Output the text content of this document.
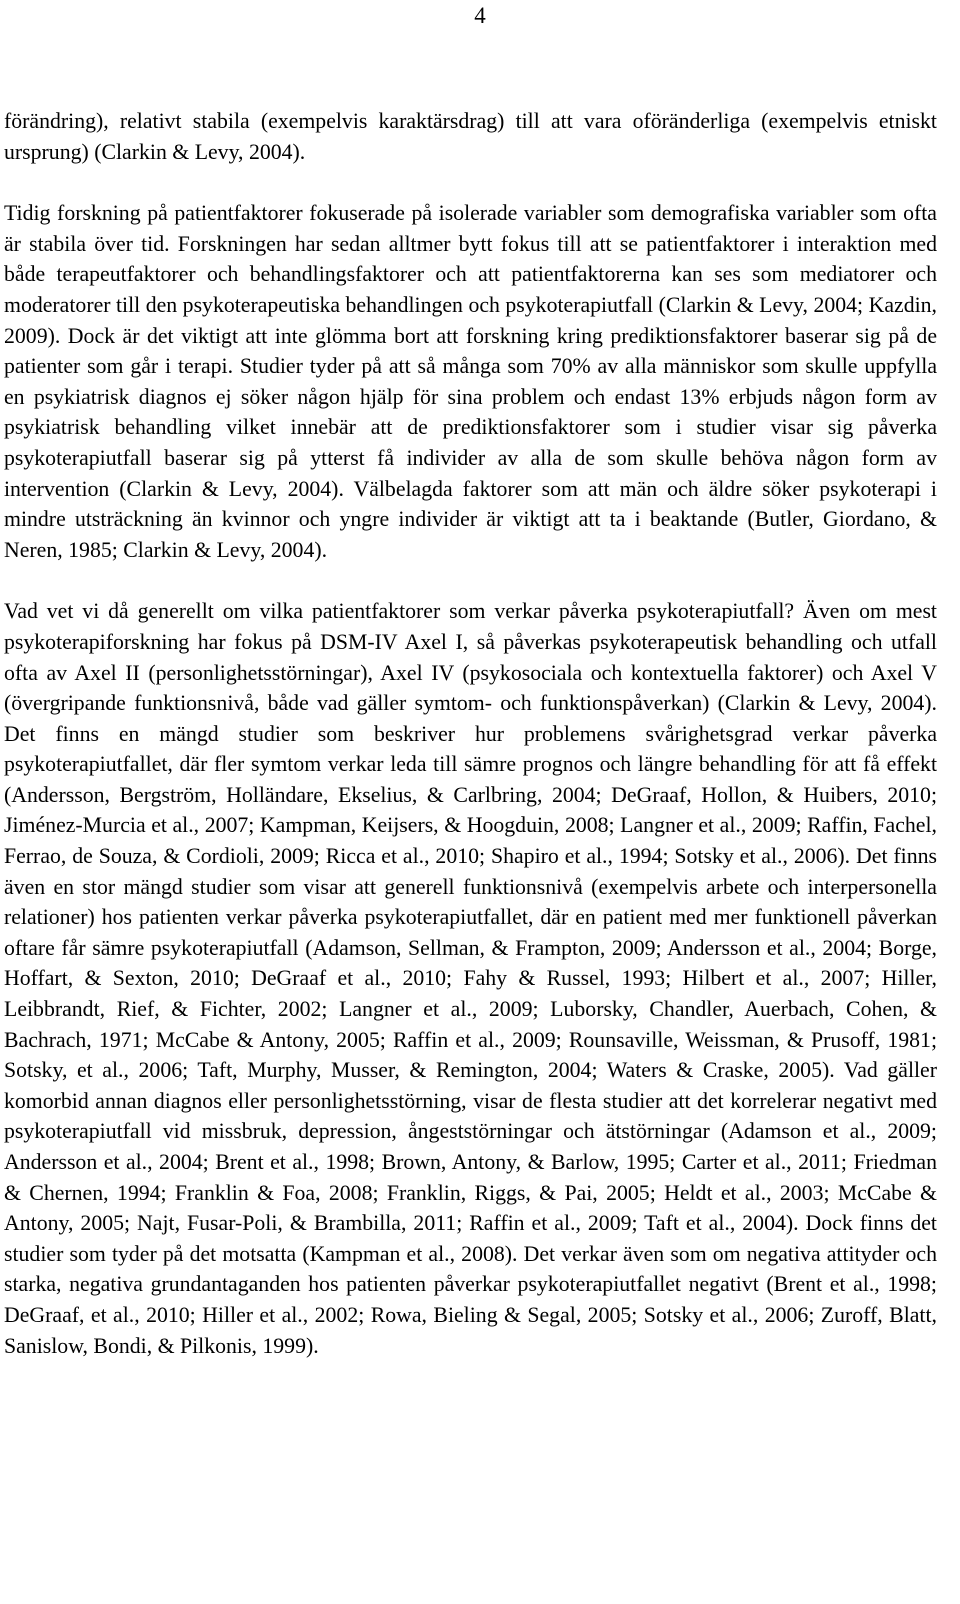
4

förändring), relativt stabila (exempelvis karaktärsdrag) till att vara oföränderliga (exempelvis etniskt ursprung) (Clarkin & Levy, 2004).

Tidig forskning på patientfaktorer fokuserade på isolerade variabler som demografiska variabler som ofta är stabila över tid. Forskningen har sedan alltmer bytt fokus till att se patientfaktorer i interaktion med både terapeutfaktorer och behandlingsfaktorer och att patientfaktorerna kan ses som mediatorer och moderatorer till den psykoterapeutiska behandlingen och psykoterapiutfall (Clarkin & Levy, 2004; Kazdin, 2009). Dock är det viktigt att inte glömma bort att forskning kring prediktionsfaktorer baserar sig på de patienter som går i terapi. Studier tyder på att så många som 70% av alla människor som skulle uppfylla en psykiatrisk diagnos ej söker någon hjälp för sina problem och endast 13% erbjuds någon form av psykiatrisk behandling vilket innebär att de prediktionsfaktorer som i studier visar sig påverka psykoterapiutfall baserar sig på ytterst få individer av alla de som skulle behöva någon form av intervention (Clarkin & Levy, 2004). Välbelagda faktorer som att män och äldre söker psykoterapi i mindre utsträckning än kvinnor och yngre individer är viktigt att ta i beaktande (Butler, Giordano, & Neren, 1985; Clarkin & Levy, 2004).

Vad vet vi då generellt om vilka patientfaktorer som verkar påverka psykoterapiutfall? Även om mest psykoterapiforskning har fokus på DSM-IV Axel I, så påverkas psykoterapeutisk behandling och utfall ofta av Axel II (personlighetsstörningar), Axel IV (psykosociala och kontextuella faktorer) och Axel V (övergripande funktionsnivå, både vad gäller symtom- och funktionspåverkan) (Clarkin & Levy, 2004). Det finns en mängd studier som beskriver hur problemens svårighetsgrad verkar påverka psykoterapiutfallet, där fler symtom verkar leda till sämre prognos och längre behandling för att få effekt (Andersson, Bergström, Holländare, Ekselius, & Carlbring, 2004; DeGraaf, Hollon, & Huibers, 2010; Jiménez-Murcia et al., 2007; Kampman, Keijsers, & Hoogduin, 2008; Langner et al., 2009; Raffin, Fachel, Ferrao, de Souza, & Cordioli, 2009; Ricca et al., 2010; Shapiro et al., 1994; Sotsky et al., 2006). Det finns även en stor mängd studier som visar att generell funktionsnivå (exempelvis arbete och interpersonella relationer) hos patienten verkar påverka psykoterapiutfallet, där en patient med mer funktionell påverkan oftare får sämre psykoterapiutfall (Adamson, Sellman, & Frampton, 2009; Andersson et al., 2004; Borge, Hoffart, & Sexton, 2010; DeGraaf et al., 2010; Fahy & Russel, 1993; Hilbert et al., 2007; Hiller, Leibbrandt, Rief, & Fichter, 2002; Langner et al., 2009; Luborsky, Chandler, Auerbach, Cohen, & Bachrach, 1971; McCabe & Antony, 2005; Raffin et al., 2009; Rounsaville, Weissman, & Prusoff, 1981; Sotsky, et al., 2006; Taft, Murphy, Musser, & Remington, 2004; Waters & Craske, 2005). Vad gäller komorbid annan diagnos eller personlighetsstörning, visar de flesta studier att det korrelerar negativt med psykoterapiutfall vid missbruk, depression, ångeststörningar och ätstörningar (Adamson et al., 2009; Andersson et al., 2004; Brent et al., 1998; Brown, Antony, & Barlow, 1995; Carter et al., 2011; Friedman & Chernen, 1994; Franklin & Foa, 2008; Franklin, Riggs, & Pai, 2005; Heldt et al., 2003; McCabe & Antony, 2005; Najt, Fusar-Poli, & Brambilla, 2011; Raffin et al., 2009; Taft et al., 2004). Dock finns det studier som tyder på det motsatta (Kampman et al., 2008). Det verkar även som om negativa attityder och starka, negativa grundantaganden hos patienten påverkar psykoterapiutfallet negativt (Brent et al., 1998; DeGraaf, et al., 2010; Hiller et al., 2002; Rowa, Bieling & Segal, 2005; Sotsky et al., 2006; Zuroff, Blatt, Sanislow, Bondi, & Pilkonis, 1999).
